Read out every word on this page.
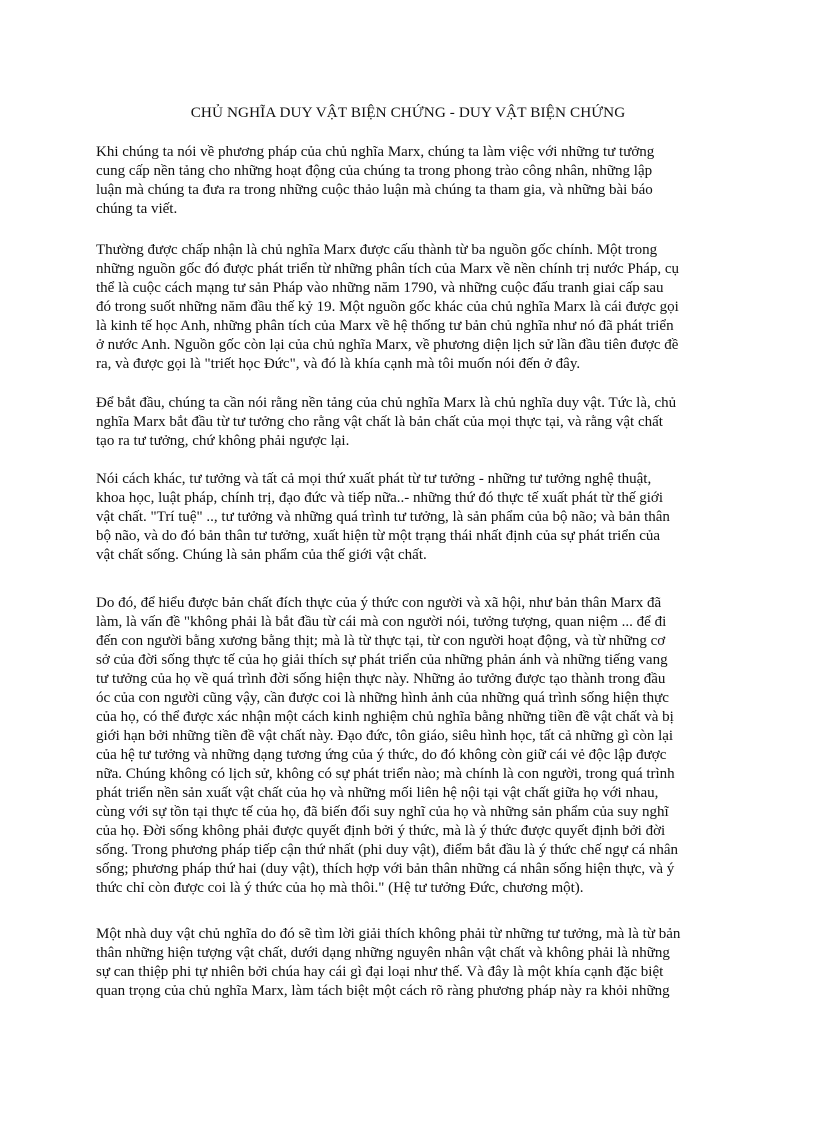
CHỦ NGHĨA DUY VẬT BIỆN CHỨNG - DUY VẬT BIỆN CHỨNG
Khi chúng ta nói về phương pháp của chủ nghĩa Marx, chúng ta làm việc với những tư tưởng
cung cấp nền tảng cho những hoạt động của chúng ta trong phong trào công nhân, những lập
luận mà chúng ta đưa ra trong những cuộc thảo luận mà chúng ta tham gia, và những bài báo
chúng ta viết.
Thường được chấp nhận là chủ nghĩa Marx được cấu thành từ ba nguồn gốc chính. Một trong
những nguồn gốc đó được phát triển từ những phân tích của Marx về nền chính trị nước Pháp, cụ
thể là cuộc cách mạng tư sản Pháp vào những năm 1790, và những cuộc đấu tranh giai cấp sau
đó trong suốt những năm đầu thế kỷ 19. Một nguồn gốc khác của chủ nghĩa Marx là cái được gọi
là kinh tế học Anh, những phân tích của Marx về hệ thống tư bản chủ nghĩa như nó đã phát triển
ở nước Anh. Nguồn gốc còn lại của chủ nghĩa Marx, về phương diện lịch sử lần đầu tiên được đề
ra, và được gọi là "triết học Đức", và đó là khía cạnh mà tôi muốn nói đến ở đây.
Để bắt đầu, chúng ta cần nói rằng nền tảng của chủ nghĩa Marx là chủ nghĩa duy vật. Tức là, chủ
nghĩa Marx bắt đầu từ tư tưởng cho rằng vật chất là bản chất của mọi thực tại, và rằng vật chất
tạo ra tư tưởng, chứ không phải ngược lại.
Nói cách khác, tư tưởng và tất cả mọi thứ xuất phát từ tư tưởng - những tư tưởng nghệ thuật,
khoa học, luật pháp, chính trị, đạo đức và tiếp nữa..- những thứ đó thực tế xuất phát từ thế giới
vật chất. "Trí tuệ" .., tư tưởng và những quá trình tư tưởng, là sản phẩm của bộ não; và bản thân
bộ não, và do đó bản thân tư tưởng, xuất hiện từ một trạng thái nhất định của sự phát triển của
vật chất sống. Chúng là sản phẩm của thế giới vật chất.
Do đó, để hiểu được bản chất đích thực của ý thức con người và xã hội, như bản thân Marx đã
làm, là vấn đề "không phải là bắt đầu từ cái mà con người nói, tưởng tượng, quan niệm ... để đi
đến con người bằng xương bằng thịt; mà là từ thực tại, từ con người hoạt động, và từ những cơ
sở của đời sống thực tế của họ giải thích sự phát triển của những phản ánh và những tiếng vang
tư tưởng của họ về quá trình đời sống hiện thực này. Những ảo tưởng được tạo thành trong đầu
óc của con người cũng vậy, cần được coi là những hình ảnh của những quá trình sống hiện thực
của họ, có thể được xác nhận một cách kinh nghiệm chủ nghĩa bằng những tiền đề vật chất và bị
giới hạn bởi những tiền đề vật chất này. Đạo đức, tôn giáo, siêu hình học, tất cả những gì còn lại
của hệ tư tưởng và những dạng tương ứng của ý thức, do đó không còn giữ cái vẻ độc lập được
nữa. Chúng không có lịch sử, không có sự phát triển nào; mà chính là con người, trong quá trình
phát triển nền sản xuất vật chất của họ và những mối liên hệ nội tại vật chất giữa họ với nhau,
cùng với sự tồn tại thực tế của họ, đã biến đổi suy nghĩ của họ và những sản phẩm của suy nghĩ
của họ. Đời sống không phải được quyết định bởi ý thức, mà là ý thức được quyết định bởi đời
sống. Trong phương pháp tiếp cận thứ nhất (phi duy vật), điểm bắt đầu là ý thức chế ngự cá nhân
sống; phương pháp thứ hai (duy vật), thích hợp với bản thân những cá nhân sống hiện thực, và ý
thức chỉ còn được coi là ý thức của họ mà thôi." (Hệ tư tưởng Đức, chương một).
Một nhà duy vật chủ nghĩa do đó sẽ tìm lời giải thích không phải từ những tư tưởng, mà là từ bản
thân những hiện tượng vật chất, dưới dạng những nguyên nhân vật chất và không phải là những
sự can thiệp phi tự nhiên bởi chúa hay cái gì đại loại như thế. Và đây là một khía cạnh đặc biệt
quan trọng của chủ nghĩa Marx, làm tách biệt một cách rõ ràng phương pháp này ra khỏi những
